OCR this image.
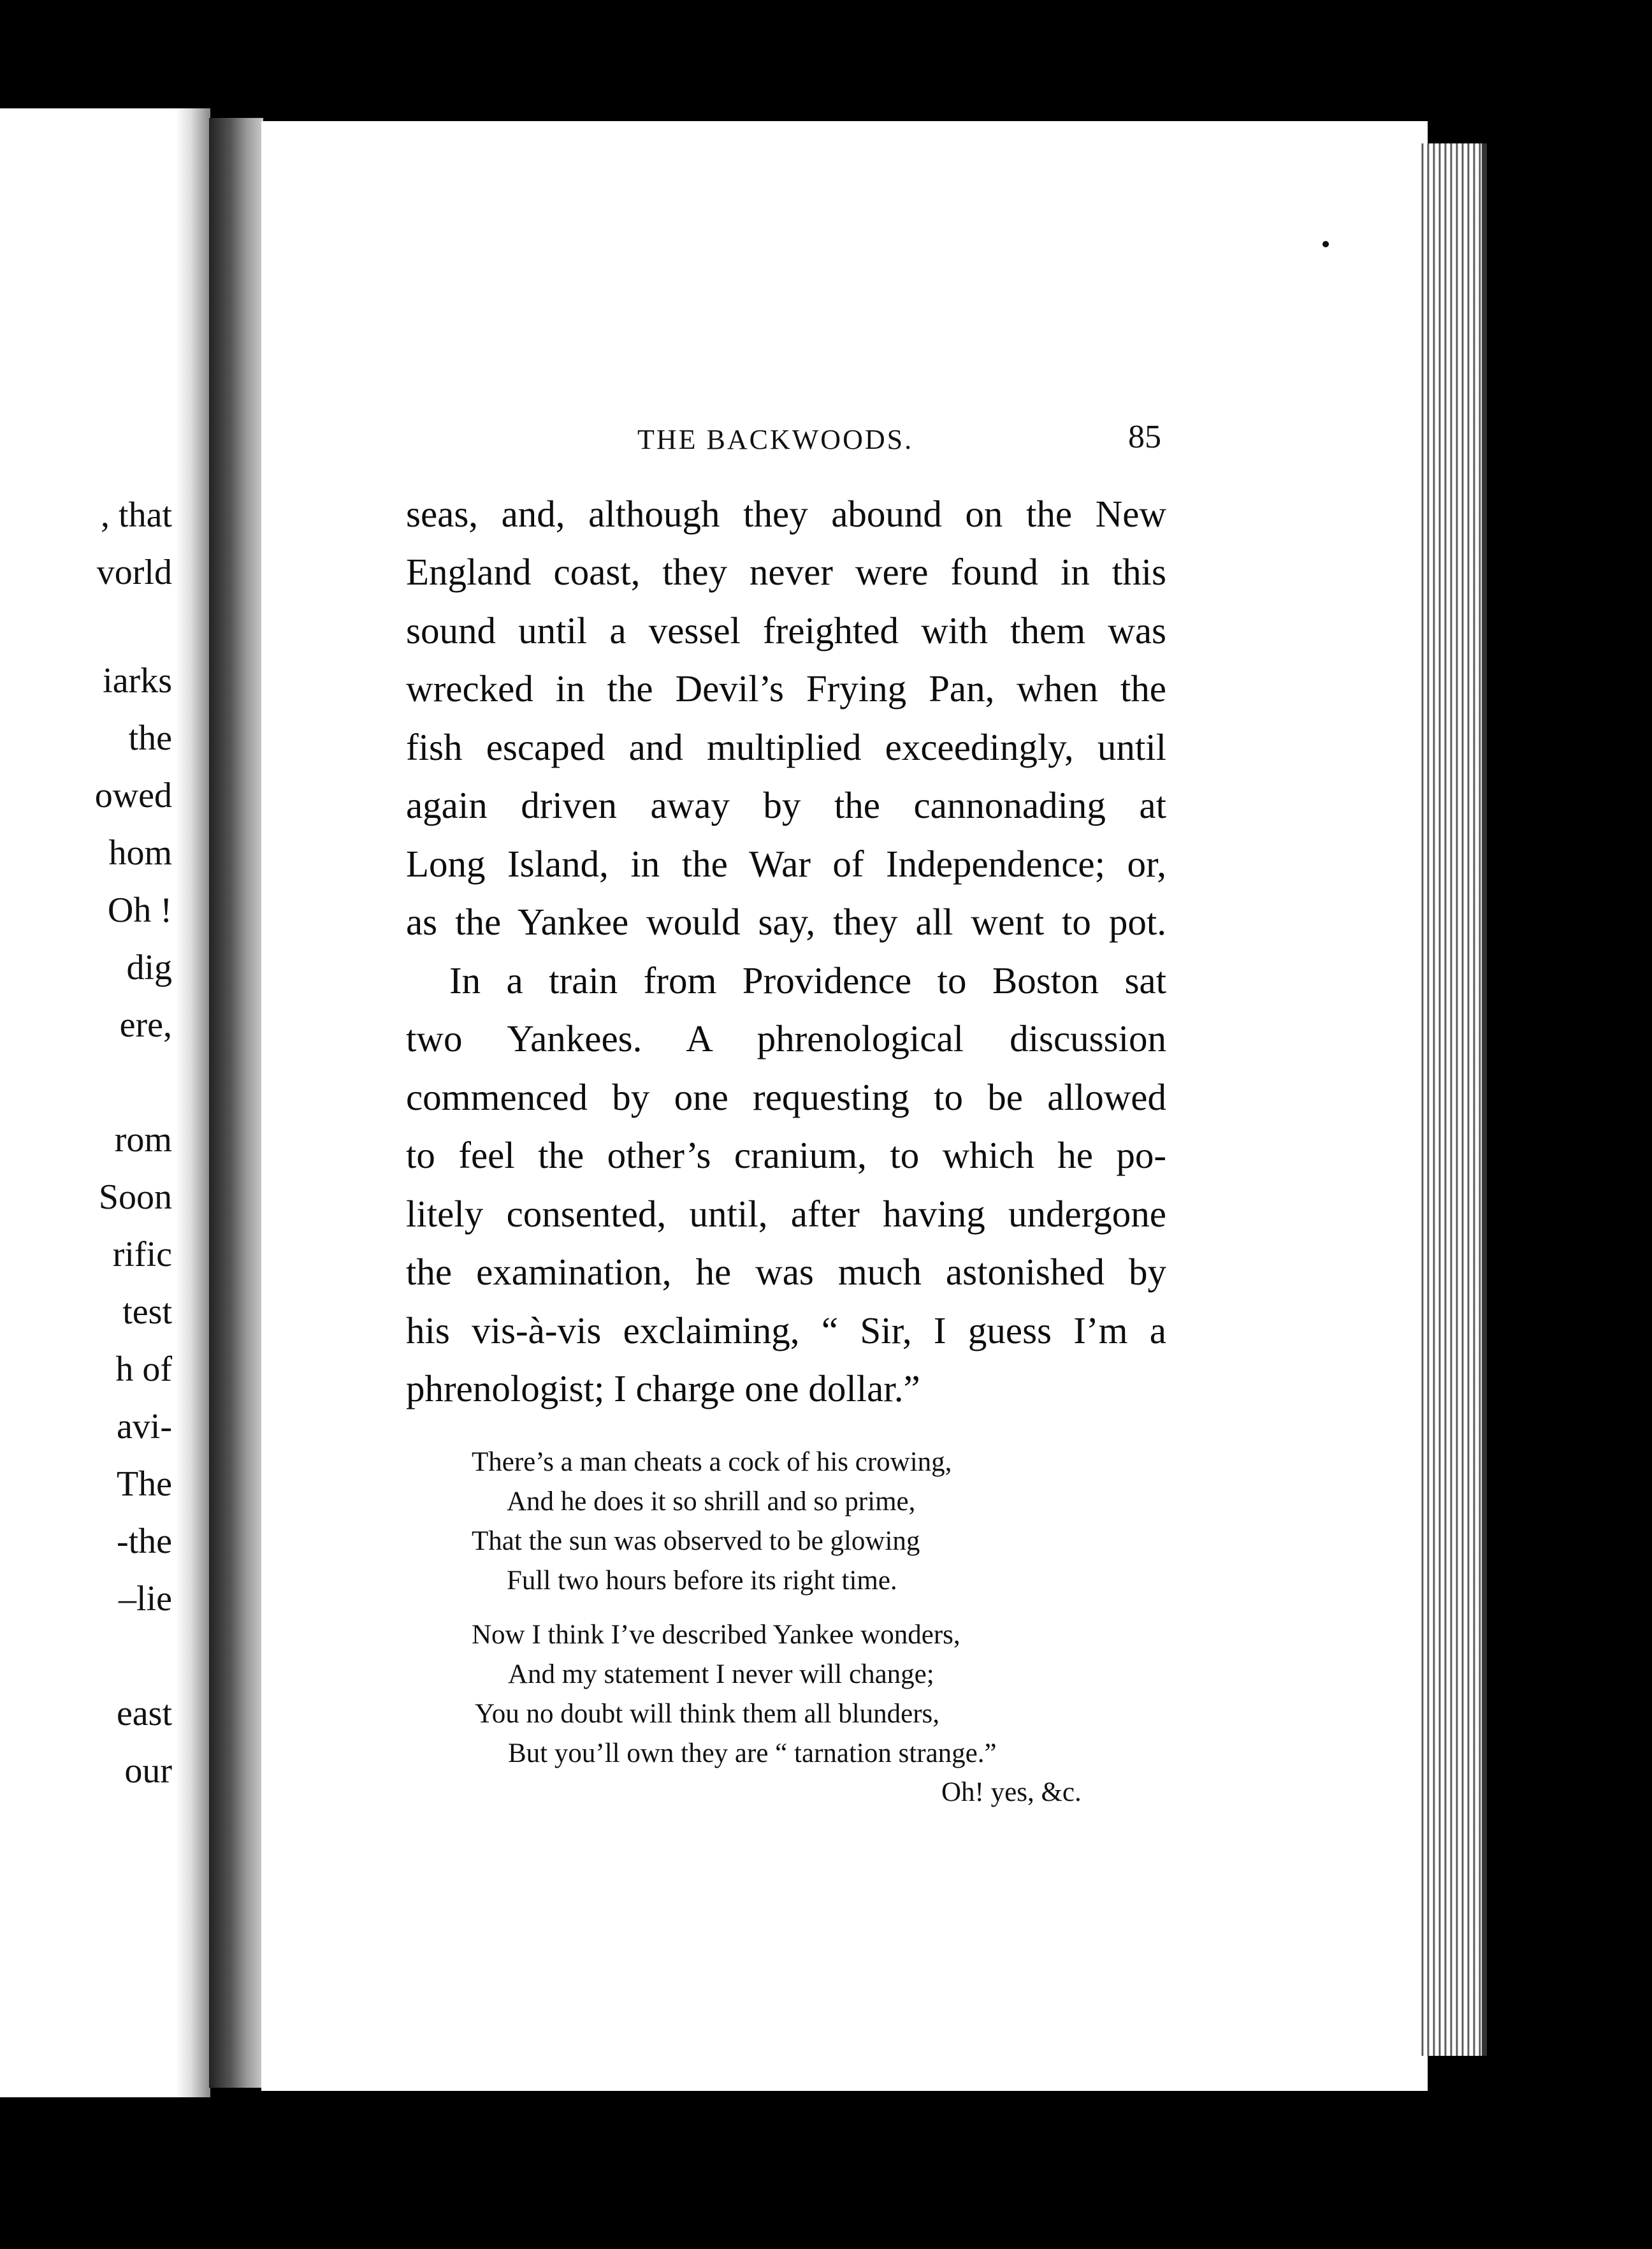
, that
vorld
iarks
the
owed
hom
Oh !
dig
ere,
rom
Soon
rific
test
h of
avi-
The
-the
–lie
east
our
THE BACKWOODS.	85
seas, and, although they abound on the New
England coast, they never were found in this
sound until a vessel freighted with them was
wrecked in the Devil’s Frying Pan, when the
fish escaped and multiplied exceedingly, until
again driven away by the cannonading at
Long Island, in the War of Independence; or,
as the Yankee would say, they all went to pot.
In a train from Providence to Boston sat
two Yankees. A phrenological discussion
commenced by one requesting to be allowed
to feel the other’s cranium, to which he po-
litely consented, until, after having undergone
the examination, he was much astonished by
his vis-à-vis exclaiming, “ Sir, I guess I’m a
phrenologist; I charge one dollar.”
There’s a man cheats a cock of his crowing,
And he does it so shrill and so prime,
That the sun was observed to be glowing
Full two hours before its right time.
Now I think I’ve described Yankee wonders,
And my statement I never will change;
You no doubt will think them all blunders,
But you’ll own they are “ tarnation strange.”
Oh! yes, &c.
